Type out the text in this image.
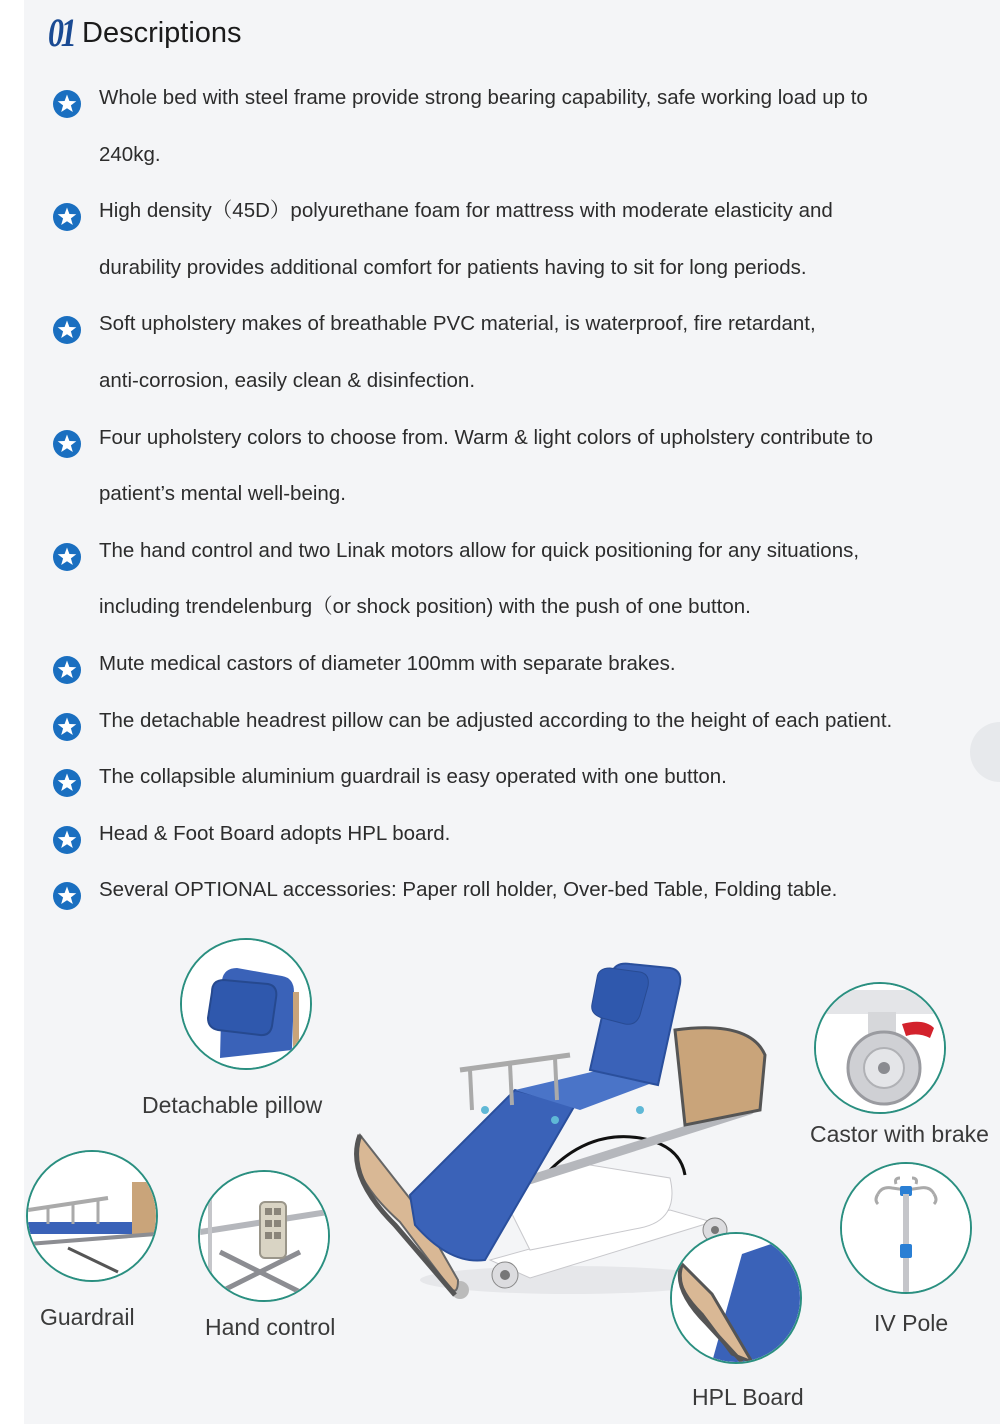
01 Descriptions
Whole bed with steel frame provide strong bearing capability, safe working load up to
240kg.
High density（45D）polyurethane foam for mattress with moderate elasticity and
durability provides additional comfort for patients having to sit for long periods.
Soft upholstery makes of breathable PVC material, is waterproof, fire retardant,
anti-corrosion, easily clean & disinfection.
Four upholstery colors to choose from. Warm & light colors of upholstery contribute to
patient’s mental well-being.
The hand control and two Linak motors allow for quick positioning for any situations,
including trendelenburg（or shock position) with the push of one button.
Mute medical castors of diameter 100mm with separate brakes.
The detachable headrest pillow can be adjusted according to the height of each patient.
The collapsible aluminium guardrail is easy operated with one button.
Head & Foot Board adopts HPL board.
Several OPTIONAL accessories: Paper roll holder, Over-bed Table, Folding table.
Detachable pillow
Castor with brake
Guardrail	Hand control	IV Pole
HPL Board
